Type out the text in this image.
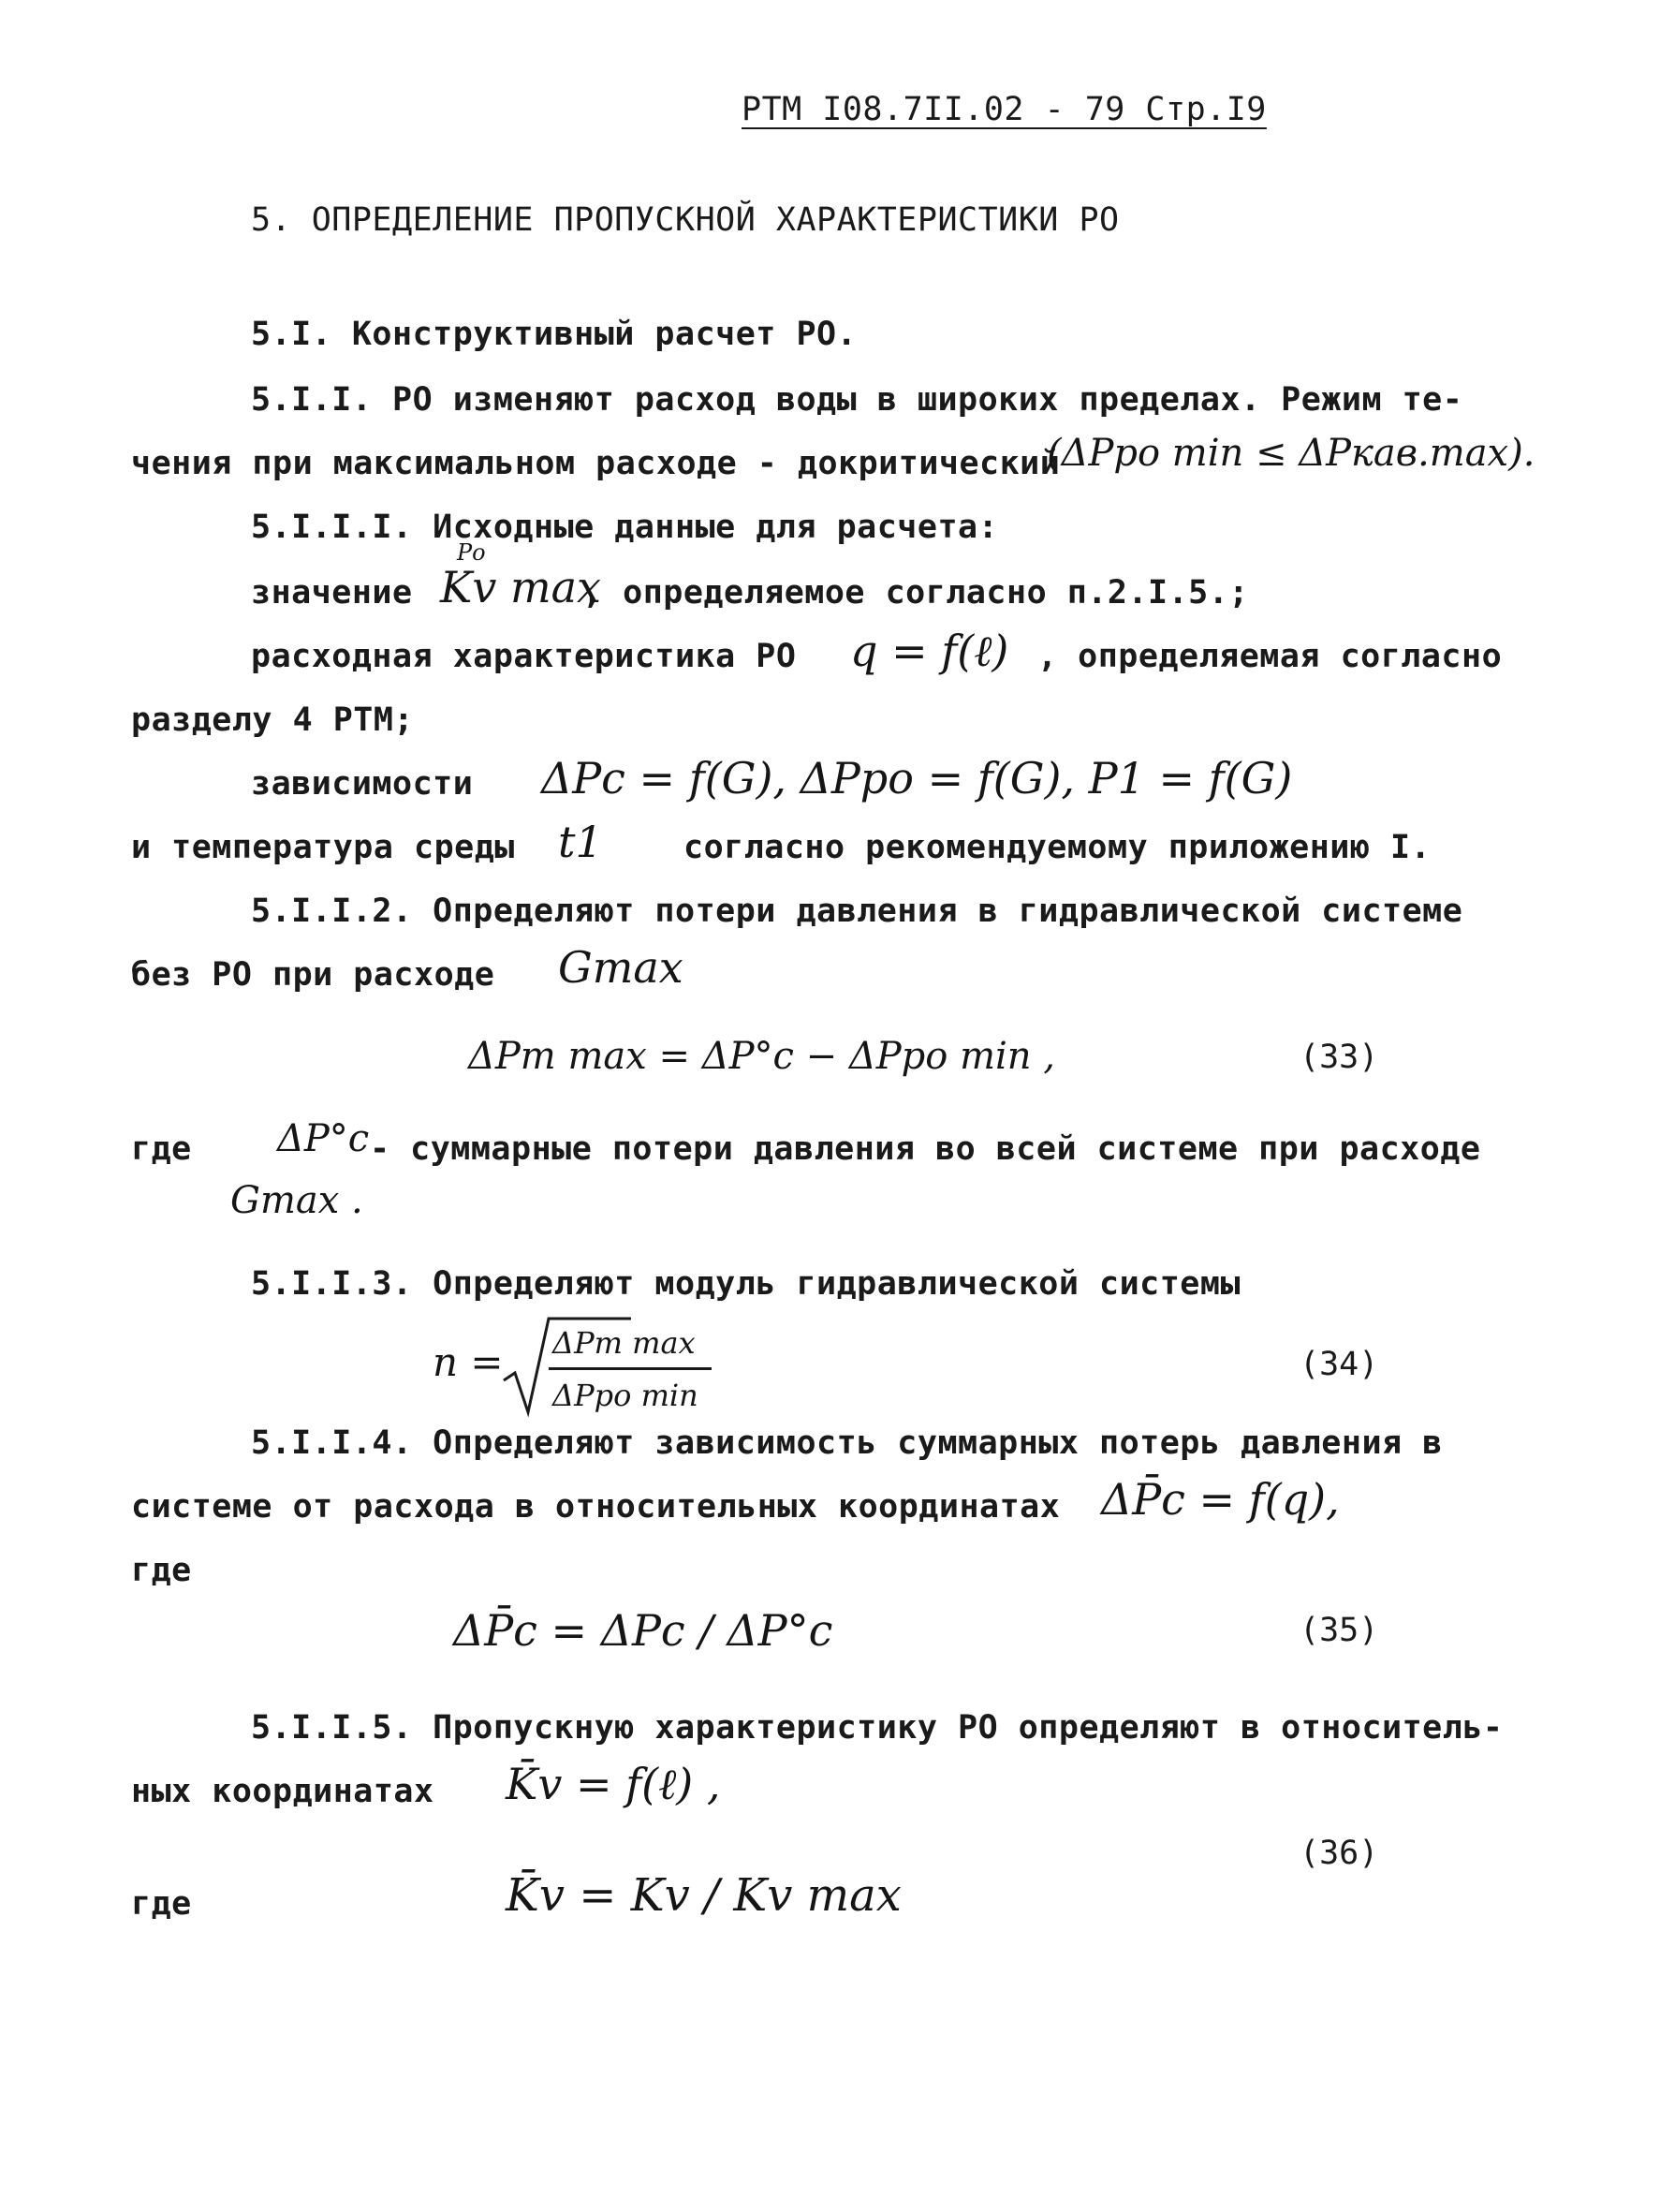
РТМ I08.7II.02 - 79 Стр.I9
5. ОПРЕДЕЛЕНИЕ ПРОПУСКНОЙ ХАРАКТЕРИСТИКИ РО
5.I. Конструктивный расчет РО.
5.I.I. РО изменяют расход воды в широких пределах. Режим те-
чения при максимальном расходе - докритический
(ΔPро min ≤ ΔPкав.max).
5.I.I.I. Исходные данные для расчета:
значение Kv max
Ро
, определяемое согласно п.2.I.5.;
расходная характеристика РО q = f(ℓ) , определяемая согласно
разделу 4 РТМ;
зависимости ΔPc = f(G), ΔPро = f(G), P1 = f(G)
и температура среды t1 согласно рекомендуемому приложению I.
5.I.I.2. Определяют потери давления в гидравлической системе
без РО при расходе Gmax
ΔPт max = ΔP°c − ΔPро min ,	(33)
где ΔP°c - суммарные потери давления во всей системе при расходе
Gmax .
5.I.I.3. Определяют модуль гидравлической системы
n = ΔPт max
ΔPро min
(34)
5.I.I.4. Определяют зависимость суммарных потерь давления в
системе от расхода в относительных координатах ΔP̄c = f(q),
где
ΔP̄c = ΔPc / ΔP°c	(35)
5.I.I.5. Пропускную характеристику РО определяют в относитель-
ных координатах K̄v = f(ℓ) ,
(36)
где	K̄v = Kv / Kv max
